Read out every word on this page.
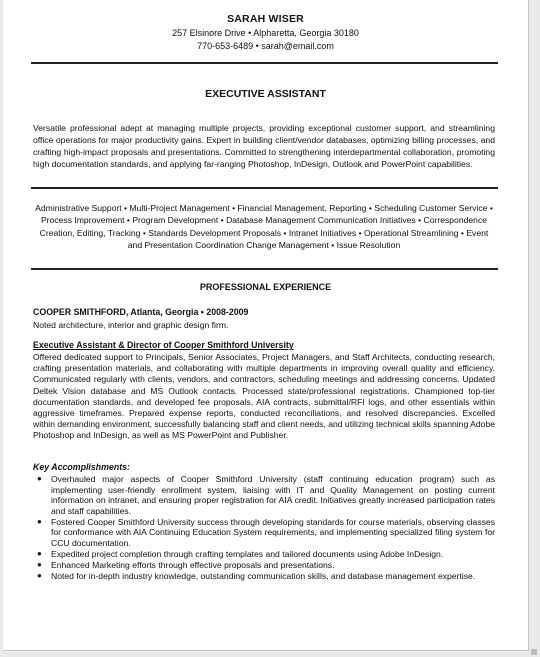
SARAH WISER
257 Elsinore Drive • Alpharetta, Georgia 30180
770-653-6489 • sarah@email.com
EXECUTIVE ASSISTANT
Versatile professional adept at managing multiple projects, providing exceptional customer support, and streamlining office operations for major productivity gains. Expert in building client/vendor databases, optimizing billing processes, and crafting high-impact proposals and presentations. Committed to strengthening interdepartmental collaboration, promoting high documentation standards, and applying far-ranging Photoshop, InDesign, Outlook and PowerPoint capabilities.
Administrative Support • Multi-Project Management • Financial Management, Reporting • Scheduling Customer Service • Process Improvement • Program Development • Database Management Communication Initiatives • Correspondence Creation, Editing, Tracking • Standards Development Proposals • Intranet Initiatives • Operational Streamlining • Event and Presentation Coordination Change Management • Issue Resolution
PROFESSIONAL EXPERIENCE
COOPER SMITHFORD, Atlanta, Georgia • 2008-2009
Noted architecture, interior and graphic design firm.
Executive Assistant & Director of Cooper Smithford University
Offered dedicated support to Principals, Senior Associates, Project Managers, and Staff Architects, conducting research, crafting presentation materials, and collaborating with multiple departments in improving overall quality and efficiency. Communicated regularly with clients, vendors, and contractors, scheduling meetings and addressing concerns. Updated Deltek Vision database and MS Outlook contacts. Processed state/professional registrations. Championed top-tier documentation standards, and developed fee proposals, AIA contracts, submittal/RFI logs, and other essentials within aggressive timeframes. Prepared expense reports, conducted reconciliations, and resolved discrepancies. Excelled within demanding environment, successfully balancing staff and client needs, and utilizing technical skills spanning Adobe Photoshop and InDesign, as well as MS PowerPoint and Publisher.
Key Accomplishments:
● Overhauled major aspects of Cooper Smithford University (staff continuing education program) such as implementing user-friendly enrollment system, liaising with IT and Quality Management on posting current information on intranet, and ensuring proper registration for AIA credit. Initiatives greatly increased participation rates and staff capabilities.
● Fostered Cooper Smithford University success through developing standards for course materials, observing classes for conformance with AIA Continuing Education System requirements, and implementing specialized filing system for CCU documentation.
● Expedited project completion through crafting templates and tailored documents using Adobe InDesign.
● Enhanced Marketing efforts through effective proposals and presentations.
● Noted for in-depth industry knowledge, outstanding communication skills, and database management expertise.
